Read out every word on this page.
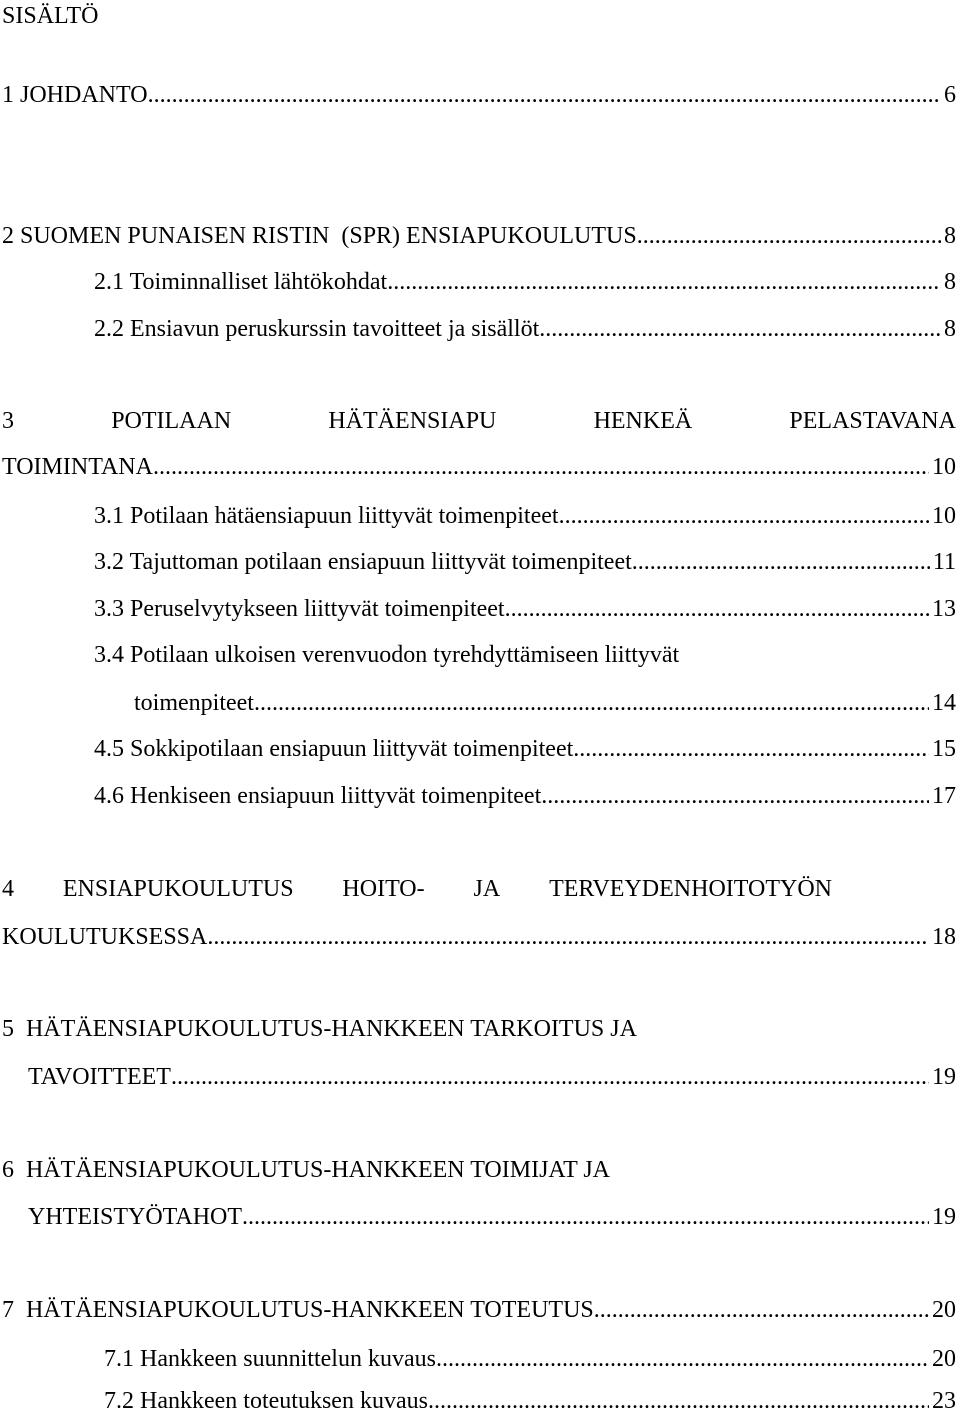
SISÄLTÖ
1 JOHDANTO .....	6
2 SUOMEN PUNAISEN RISTIN  (SPR) ENSIAPUKOULUTUS .....	8
2.1 Toiminnalliset lähtökohdat .....	8
2.2 Ensiavun peruskurssin tavoitteet ja sisällöt .....	8
3	POTILAAN	HÄTÄENSIAPU	HENKEÄ	PELASTAVANA
TOIMINTANA .....	10
3.1 Potilaan hätäensiapuun liittyvät toimenpiteet .....	10
3.2 Tajuttoman potilaan ensiapuun liittyvät toimenpiteet .....	11
3.3 Peruselvytykseen liittyvät toimenpiteet .....	13
3.4 Potilaan ulkoisen verenvuodon tyrehdyttämiseen liittyvät
toimenpiteet .....	14
4.5 Sokkipotilaan ensiapuun liittyvät toimenpiteet .....	15
4.6 Henkiseen ensiapuun liittyvät toimenpiteet .....	17
4 ENSIAPUKOULUTUS HOITO- JA TERVEYDENHOITOTYÖN
KOULUTUKSESSA .....	18
5  HÄTÄENSIAPUKOULUTUS-HANKKEEN TARKOITUS JA
TAVOITTEET .....	19
6  HÄTÄENSIAPUKOULUTUS-HANKKEEN TOIMIJAT JA
YHTEISTYÖTAHOT .....	19
7  HÄTÄENSIAPUKOULUTUS-HANKKEEN TOTEUTUS .....	20
7.1 Hankkeen suunnittelun kuvaus .....	20
7.2 Hankkeen toteutuksen kuvaus .....	23
